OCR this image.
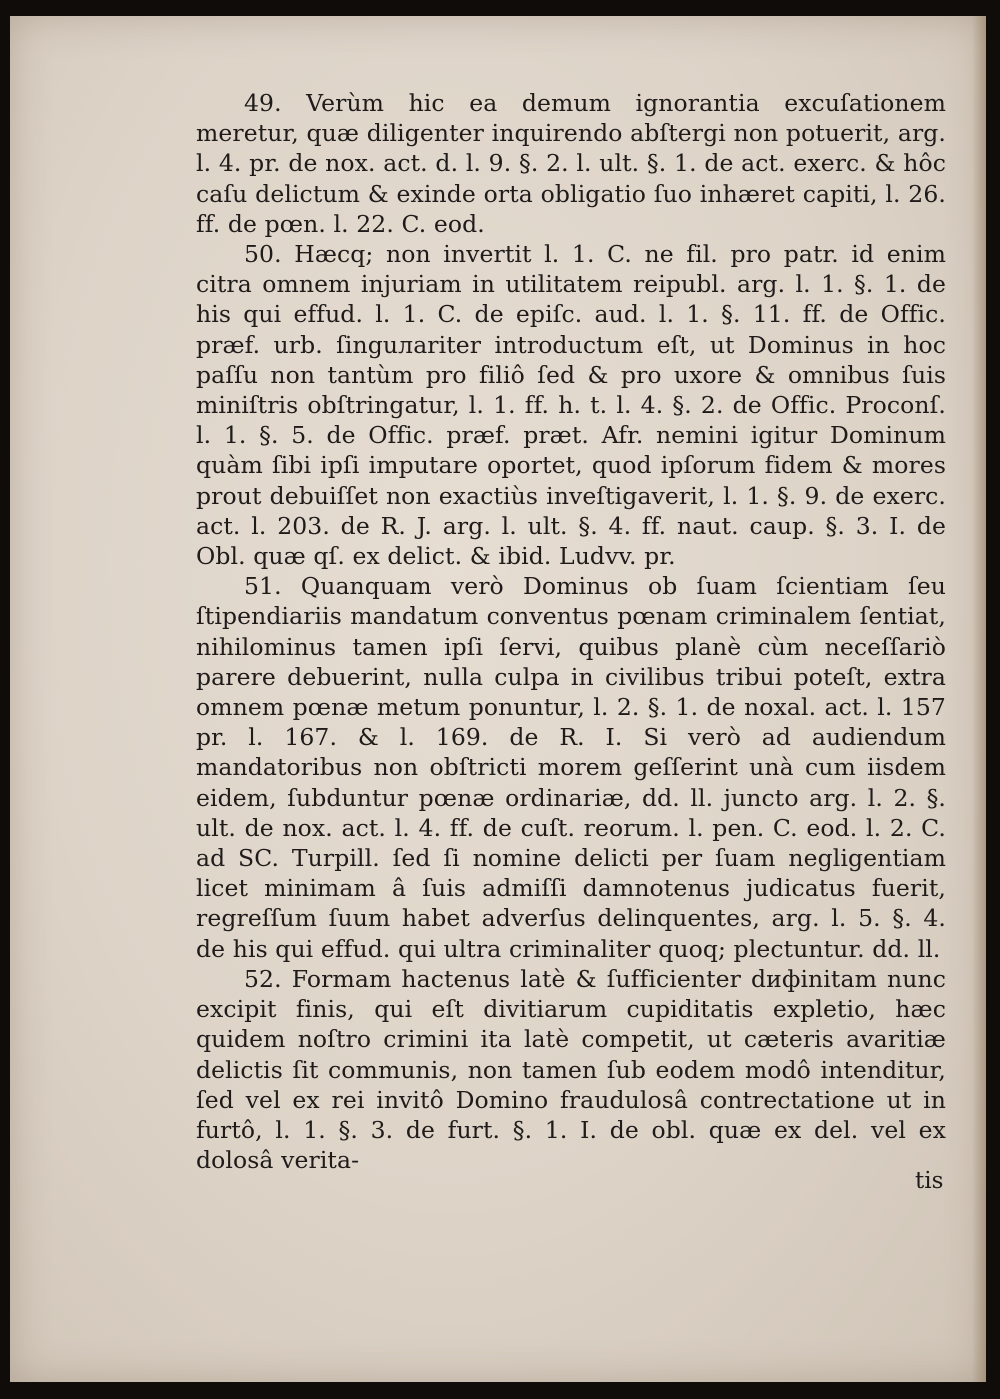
49. Verùm hic ea demum ignorantia excuſationem meretur, quæ diligenter inquirendo abſtergi non potuerit, arg. l. 4. pr. de nox. act. d. l. 9. §. 2. l. ult. §. 1. de act. exerc. & hôc caſu delictum & exinde orta obligatio ſuo inhæret capiti, l. 26. ff. de pœn. l. 22. C. eod.

50. Hæcq; non invertit l. 1. C. ne fil. pro patr. id enim citra omnem injuriam in utilitatem reipubl. arg. l. 1. §. 1. de his qui effud. l. 1. C. de epiſc. aud. l. 1. §. 11. ff. de Offic. præf. urb. ſinguлariter introductum eſt, ut Dominus in hoc paſſu non tantùm pro filiô ſed & pro uxore & omnibus ſuis miniſtris obſtringatur, l. 1. ff. h. t. l. 4. §. 2. de Offic. Proconſ. l. 1. §. 5. de Offic. præf. præt. Afr. nemini igitur Dominum quàm ſibi ipſi imputare oportet, quod ipſorum fidem & mores prout debuiſſet non exactiùs inveſtigaverit, l. 1. §. 9. de exerc. act. l. 203. de R. J. arg. l. ult. §. 4. ff. naut. caup. §. 3. I. de Obl. quæ qſ. ex delict. & ibid. Ludvv. pr.

51. Quanquam verò Dominus ob ſuam ſcientiam ſeu ſtipendiariis mandatum conventus pœnam criminalem ſentiat, nihilominus tamen ipſi ſervi, quibus planè cùm neceſſariò parere debuerint, nulla culpa in civilibus tribui poteſt, extra omnem pœnæ metum ponuntur, l. 2. §. 1. de noxal. act. l. 157 pr. l. 167. & l. 169. de R. I. Si verò ad audiendum mandatoribus non obſtricti morem geſſerint unà cum iisdem eidem, ſubduntur pœnæ ordinariæ, dd. ll. juncto arg. l. 2. §. ult. de nox. act. l. 4. ff. de cuſt. reorum. l. pen. C. eod. l. 2. C. ad SC. Turpill. ſed ſi nomine delicti per ſuam negligentiam licet minimam â ſuis admiſſi damnotenus judicatus fuerit, regreſſum ſuum habet adverſus delinquentes, arg. l. 5. §. 4. de his qui effud. qui ultra criminaliter quoq; plectuntur. dd. ll.

52. Formam hactenus latè & ſufficienter dифinitam nunc excipit finis, qui eſt divitiarum cupiditatis expletio, hæc quidem noſtro crimini ita latè competit, ut cæteris avaritiæ delictis ſit communis, non tamen ſub eodem modô intenditur, ſed vel ex rei invitô Domino fraudulosâ contrectatione ut in furtô, l. 1. §. 3. de furt. §. 1. I. de obl. quæ ex del. vel ex dolosâ verita-

tis
